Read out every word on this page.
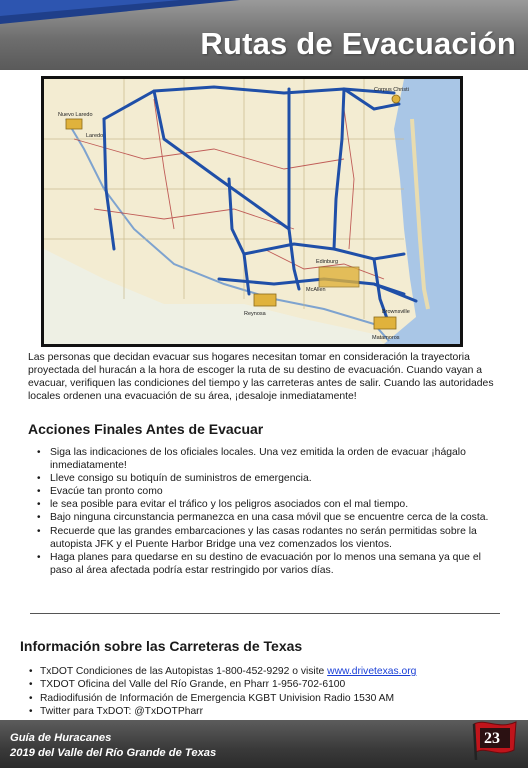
Rutas de Evacuación
Nuevo Laredo
Laredo
Corpus Christi
Edinburg
McAllen
Brownsville
Reynosa
Matamoros

Las personas que decidan evacuar sus hogares necesitan tomar en consideración la trayectoria proyectada del huracán a la hora de escoger la ruta de su destino de evacuación. Cuando vayan a evacuar, verifiquen las condiciones del tiempo y las carreteras antes de salir. Cuando las autoridades locales ordenen una evacuación de su área, ¡desaloje inmediatamente!

Acciones Finales Antes de Evacuar
• Siga las indicaciones de los oficiales locales. Una vez emitida la orden de evacuar ¡hágalo inmediatamente!
• Lleve consigo su botiquín de suministros de emergencia.
• Evacúe tan pronto como
• le sea posible para evitar el tráfico y los peligros asociados con el mal tiempo.
• Bajo ninguna circunstancia permanezca en una casa móvil que se encuentre cerca de la costa.
• Recuerde que las grandes embarcaciones y las casas rodantes no serán permitidas sobre la autopista JFK y el Puente Harbor Bridge una vez comenzados los vientos.
• Haga planes para quedarse en su destino de evacuación por lo menos una semana ya que el paso al área afectada podría estar restringido por varios días.
Información sobre las Carreteras de Texas
• TxDOT Condiciones de las Autopistas 1-800-452-9292 o visite www.drivetexas.org
• TXDOT Oficina del Valle del Río Grande, en Pharr 1-956-702-6100
• Radiodifusión de Información de Emergencia KGBT Univision Radio 1530 AM
• Twitter para TxDOT: @TxDOTPharr
Guía de Huracanes
2019 del Valle del Río Grande de Texas
23
